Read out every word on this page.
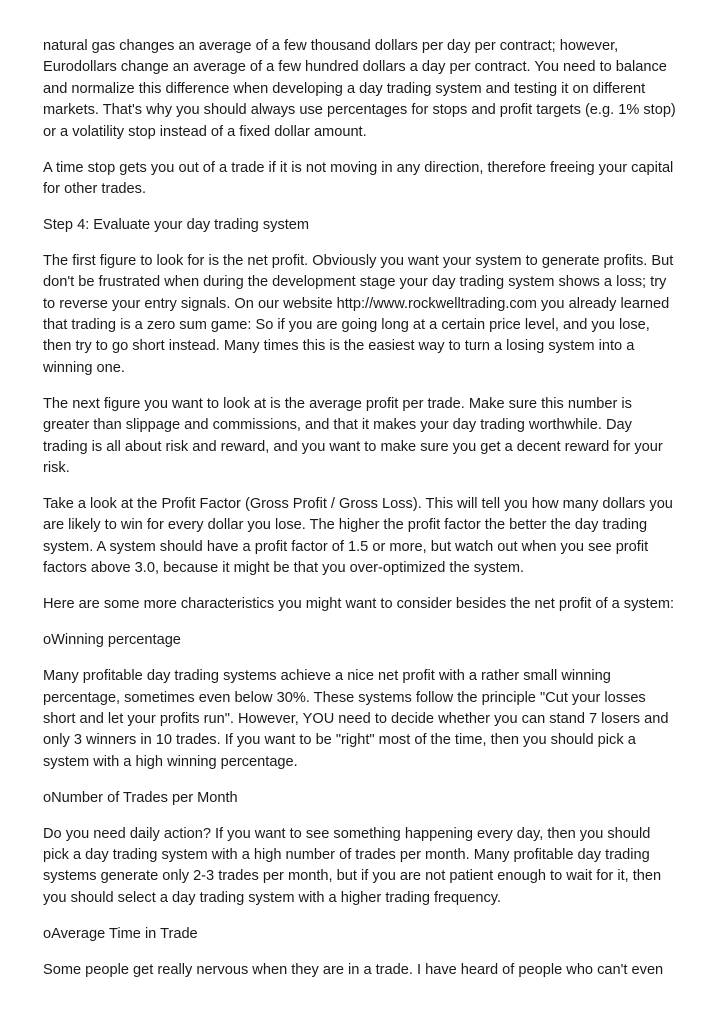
natural gas changes an average of a few thousand dollars per day per contract; however,
Eurodollars change an average of a few hundred dollars a day per contract. You need to balance
and normalize this difference when developing a day trading system and testing it on different
markets. That's why you should always use percentages for stops and profit targets (e.g. 1% stop)
or a volatility stop instead of a fixed dollar amount.
A time stop gets you out of a trade if it is not moving in any direction, therefore freeing your capital
for other trades.
Step 4: Evaluate your day trading system
The first figure to look for is the net profit. Obviously you want your system to generate profits. But
don't be frustrated when during the development stage your day trading system shows a loss; try
to reverse your entry signals. On our website http://www.rockwelltrading.com you already learned
that trading is a zero sum game: So if you are going long at a certain price level, and you lose,
then try to go short instead. Many times this is the easiest way to turn a losing system into a
winning one.
The next figure you want to look at is the average profit per trade. Make sure this number is
greater than slippage and commissions, and that it makes your day trading worthwhile. Day
trading is all about risk and reward, and you want to make sure you get a decent reward for your
risk.
Take a look at the Profit Factor (Gross Profit / Gross Loss). This will tell you how many dollars you
are likely to win for every dollar you lose. The higher the profit factor the better the day trading
system. A system should have a profit factor of 1.5 or more, but watch out when you see profit
factors above 3.0, because it might be that you over-optimized the system.
Here are some more characteristics you might want to consider besides the net profit of a system:
oWinning percentage
Many profitable day trading systems achieve a nice net profit with a rather small winning
percentage, sometimes even below 30%. These systems follow the principle "Cut your losses
short and let your profits run". However, YOU need to decide whether you can stand 7 losers and
only 3 winners in 10 trades. If you want to be "right" most of the time, then you should pick a
system with a high winning percentage.
oNumber of Trades per Month
Do you need daily action? If you want to see something happening every day, then you should
pick a day trading system with a high number of trades per month. Many profitable day trading
systems generate only 2-3 trades per month, but if you are not patient enough to wait for it, then
you should select a day trading system with a higher trading frequency.
oAverage Time in Trade
Some people get really nervous when they are in a trade. I have heard of people who can't even
